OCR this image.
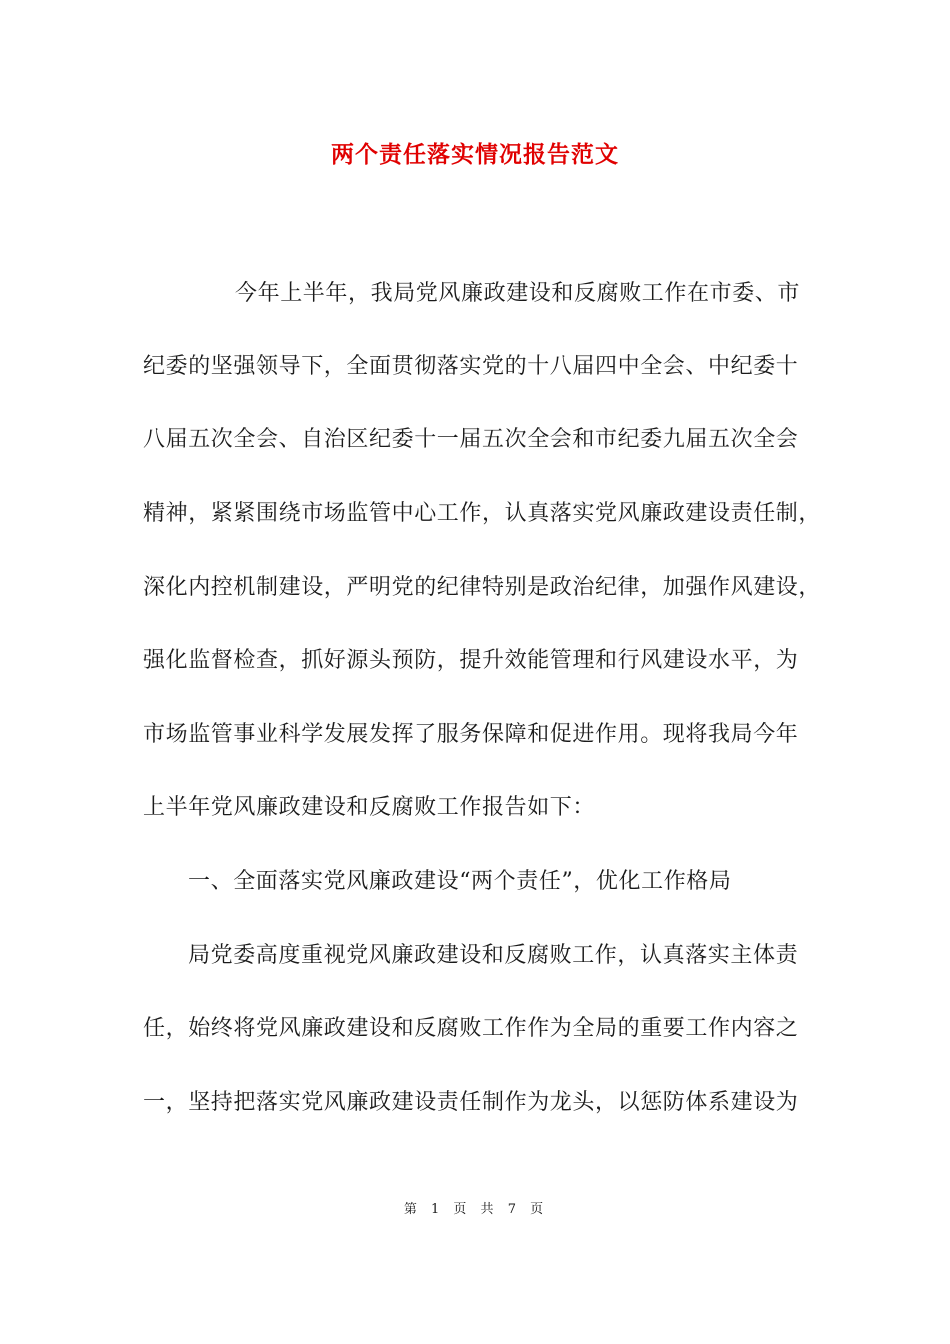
两个责任落实情况报告范文
今年上半年，我局党风廉政建设和反腐败工作在市委、市
纪委的坚强领导下，全面贯彻落实党的十八届四中全会、中纪委十
八届五次全会、自治区纪委十一届五次全会和市纪委九届五次全会
精神，紧紧围绕市场监管中心工作，认真落实党风廉政建设责任制，
深化内控机制建设，严明党的纪律特别是政治纪律，加强作风建设，
强化监督检查，抓好源头预防，提升效能管理和行风建设水平，为
市场监管事业科学发展发挥了服务保障和促进作用。现将我局今年
上半年党风廉政建设和反腐败工作报告如下：
一、全面落实党风廉政建设“两个责任”，优化工作格局
局党委高度重视党风廉政建设和反腐败工作，认真落实主体责
任，始终将党风廉政建设和反腐败工作作为全局的重要工作内容之
一，坚持把落实党风廉政建设责任制作为龙头，以惩防体系建设为
第 1 页 共 7 页
